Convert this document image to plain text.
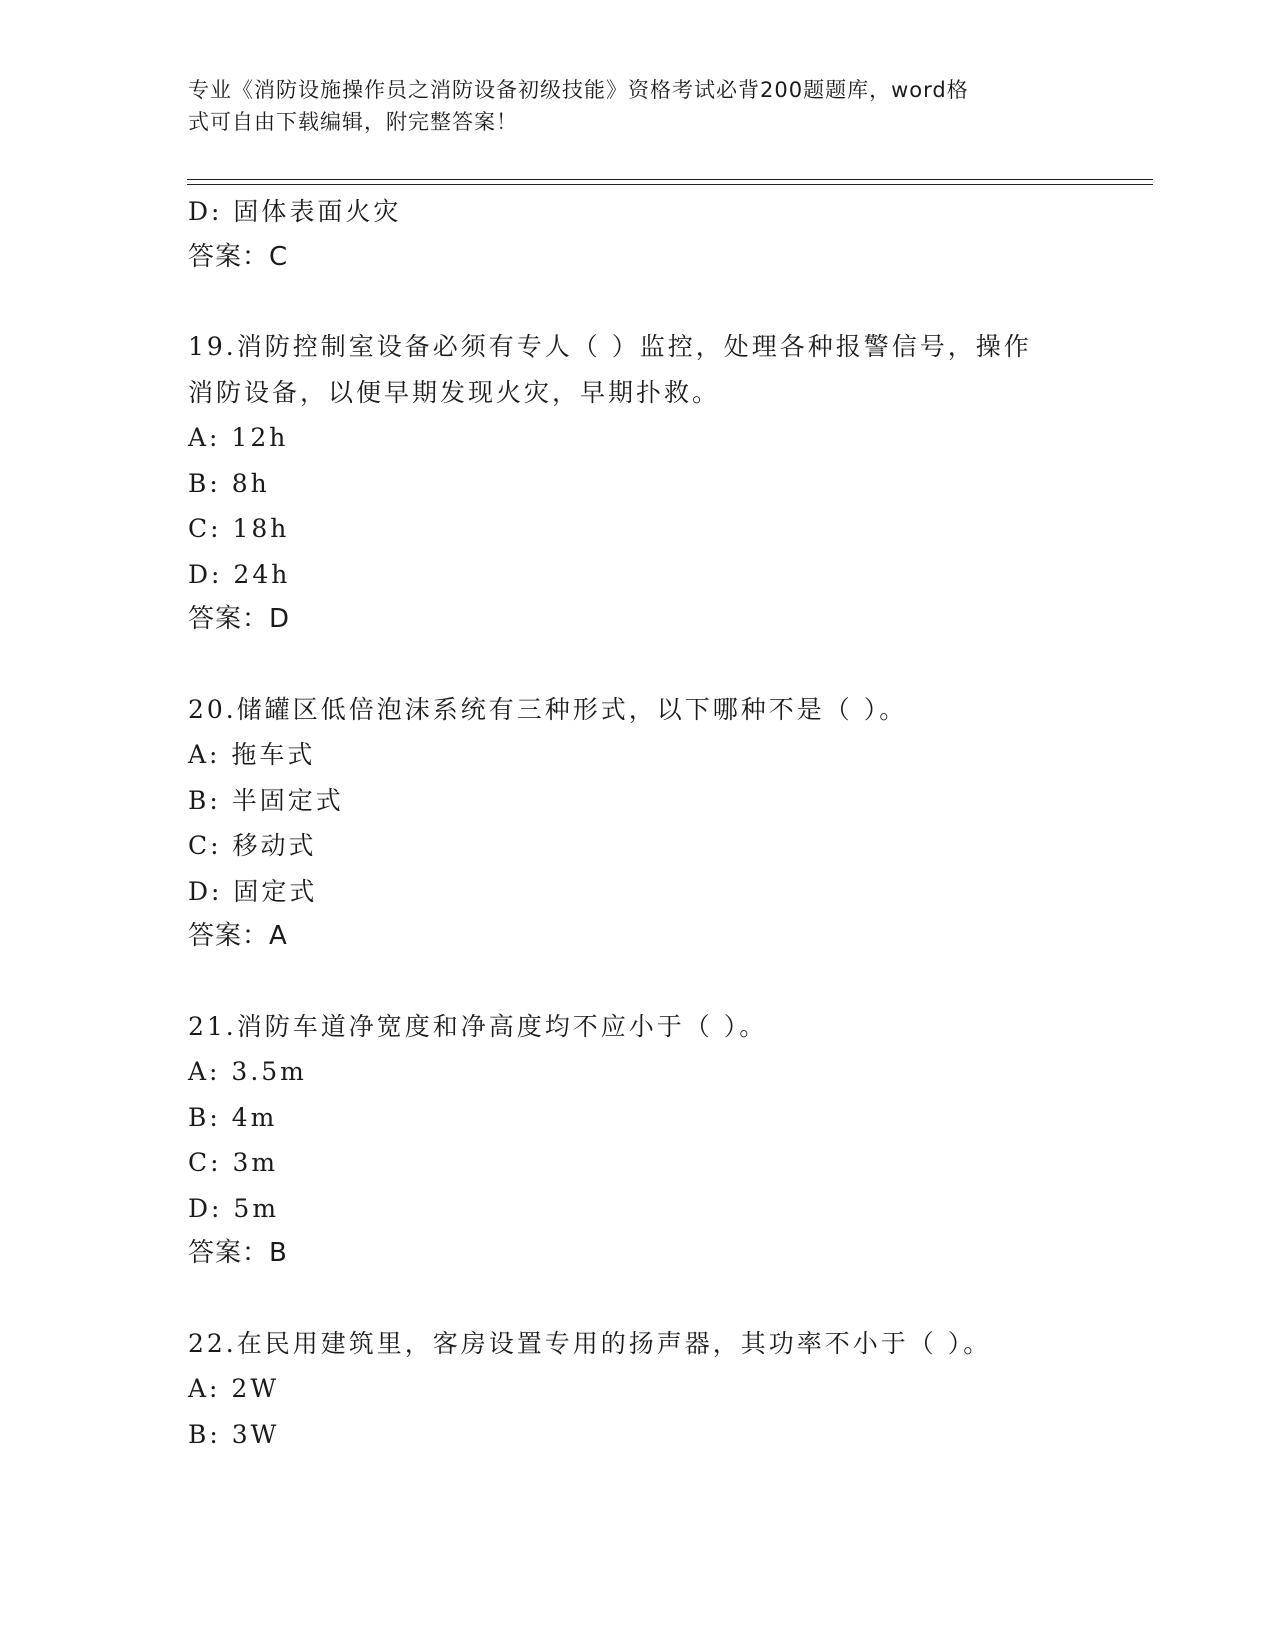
专业《消防设施操作员之消防设备初级技能》资格考试必背200题题库，word格
式可自由下载编辑，附完整答案！
D: 固体表面火灾
答案：C
19.消防控制室设备必须有专人（ ）监控，处理各种报警信号，操作
消防设备，以便早期发现火灾，早期扑救。
A: 12h
B: 8h
C: 18h
D: 24h
答案：D
20.储罐区低倍泡沫系统有三种形式，以下哪种不是（ ）。
A: 拖车式
B: 半固定式
C: 移动式
D: 固定式
答案：A
21.消防车道净宽度和净高度均不应小于（ ）。
A: 3.5m
B: 4m
C: 3m
D: 5m
答案：B
22.在民用建筑里，客房设置专用的扬声器，其功率不小于（ ）。
A: 2W
B: 3W
